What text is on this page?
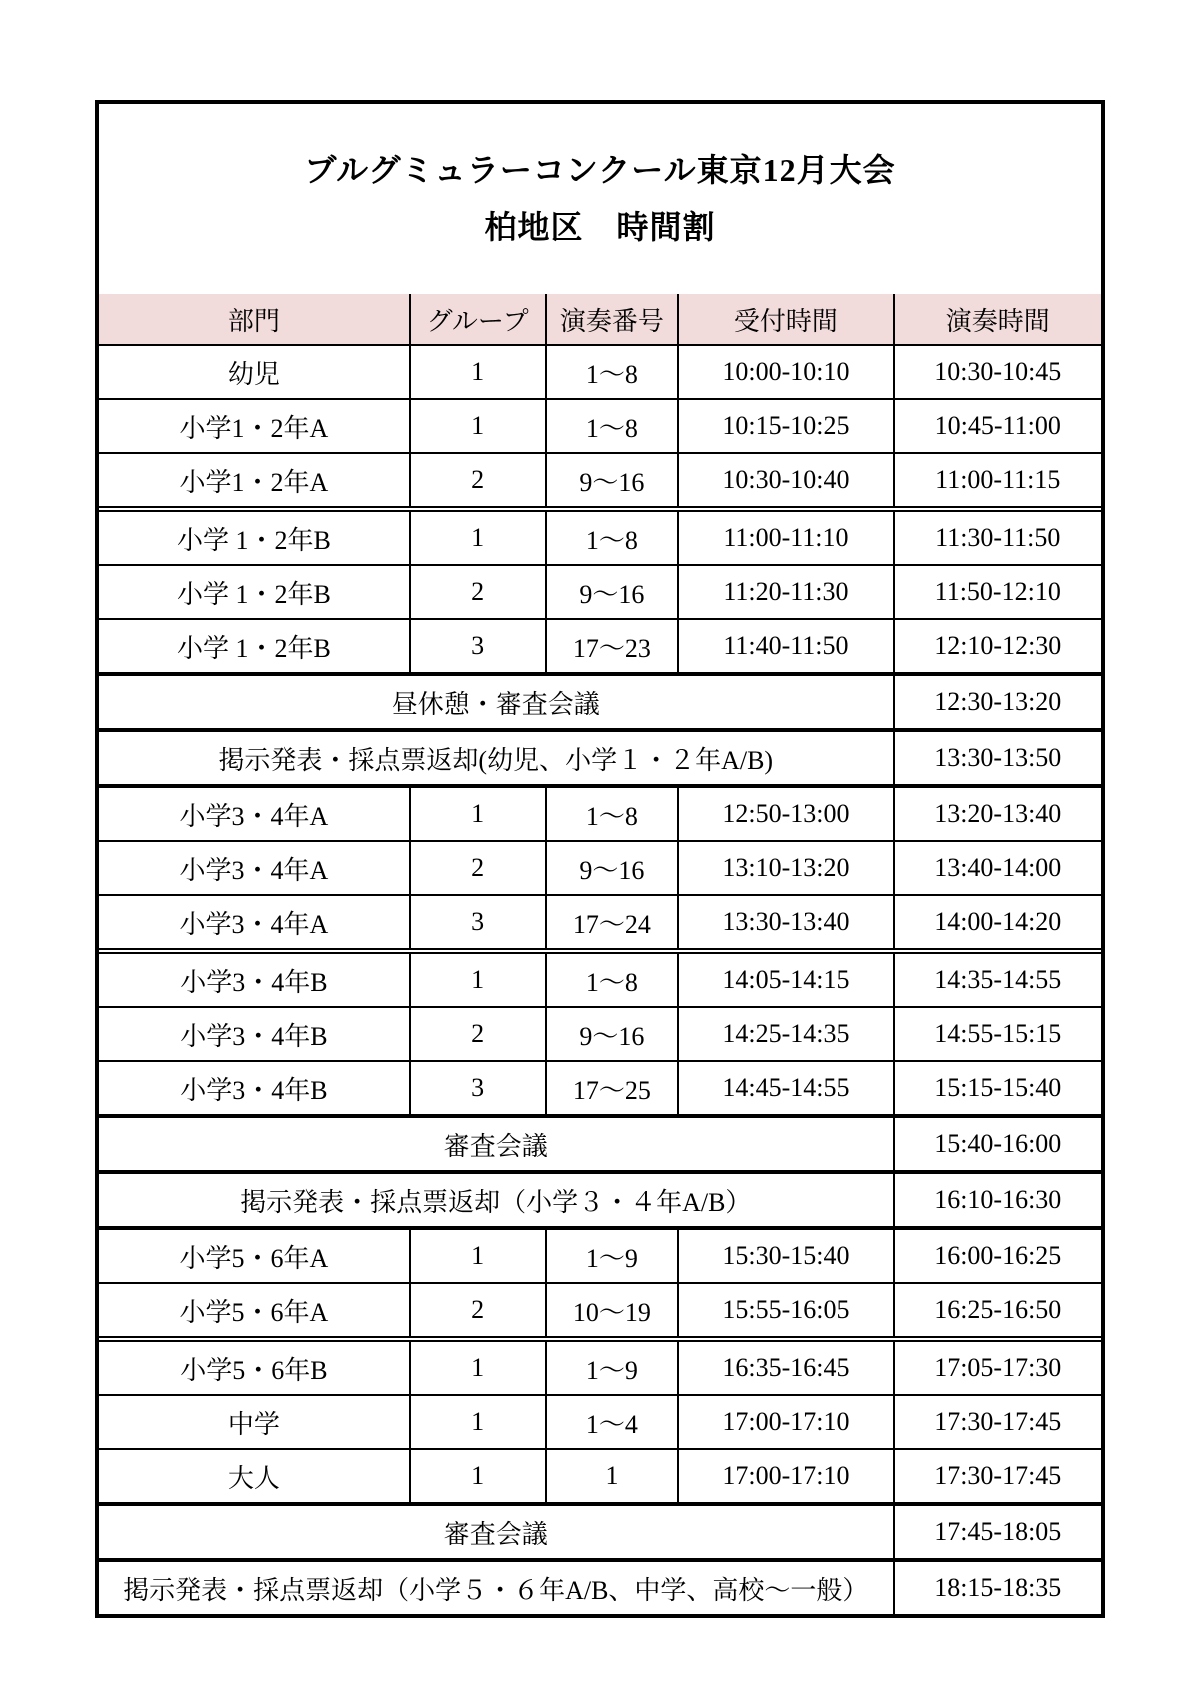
ブルグミュラーコンクール東京12月大会
柏地区　時間割
部門	グループ	演奏番号	受付時間	演奏時間
幼児	1	1～8	10:00-10:10	10:30-10:45
小学1・2年A	1	1～8	10:15-10:25	10:45-11:00
小学1・2年A	2	9～16	10:30-10:40	11:00-11:15
小学 1・2年B	1	1～8	11:00-11:10	11:30-11:50
小学 1・2年B	2	9～16	11:20-11:30	11:50-12:10
小学 1・2年B	3	17～23	11:40-11:50	12:10-12:30
昼休憩・審査会議				12:30-13:20
掲示発表・採点票返却(幼児、小学１・２年A/B)				13:30-13:50
小学3・4年A	1	1～8	12:50-13:00	13:20-13:40
小学3・4年A	2	9～16	13:10-13:20	13:40-14:00
小学3・4年A	3	17～24	13:30-13:40	14:00-14:20
小学3・4年B	1	1～8	14:05-14:15	14:35-14:55
小学3・4年B	2	9～16	14:25-14:35	14:55-15:15
小学3・4年B	3	17～25	14:45-14:55	15:15-15:40
審査会議				15:40-16:00
掲示発表・採点票返却（小学３・４年A/B）				16:10-16:30
小学5・6年A	1	1～9	15:30-15:40	16:00-16:25
小学5・6年A	2	10～19	15:55-16:05	16:25-16:50
小学5・6年B	1	1～9	16:35-16:45	17:05-17:30
中学	1	1～4	17:00-17:10	17:30-17:45
大人	1	1	17:00-17:10	17:30-17:45
審査会議				17:45-18:05
掲示発表・採点票返却（小学５・６年A/B、中学、高校～一般）				18:15-18:35
